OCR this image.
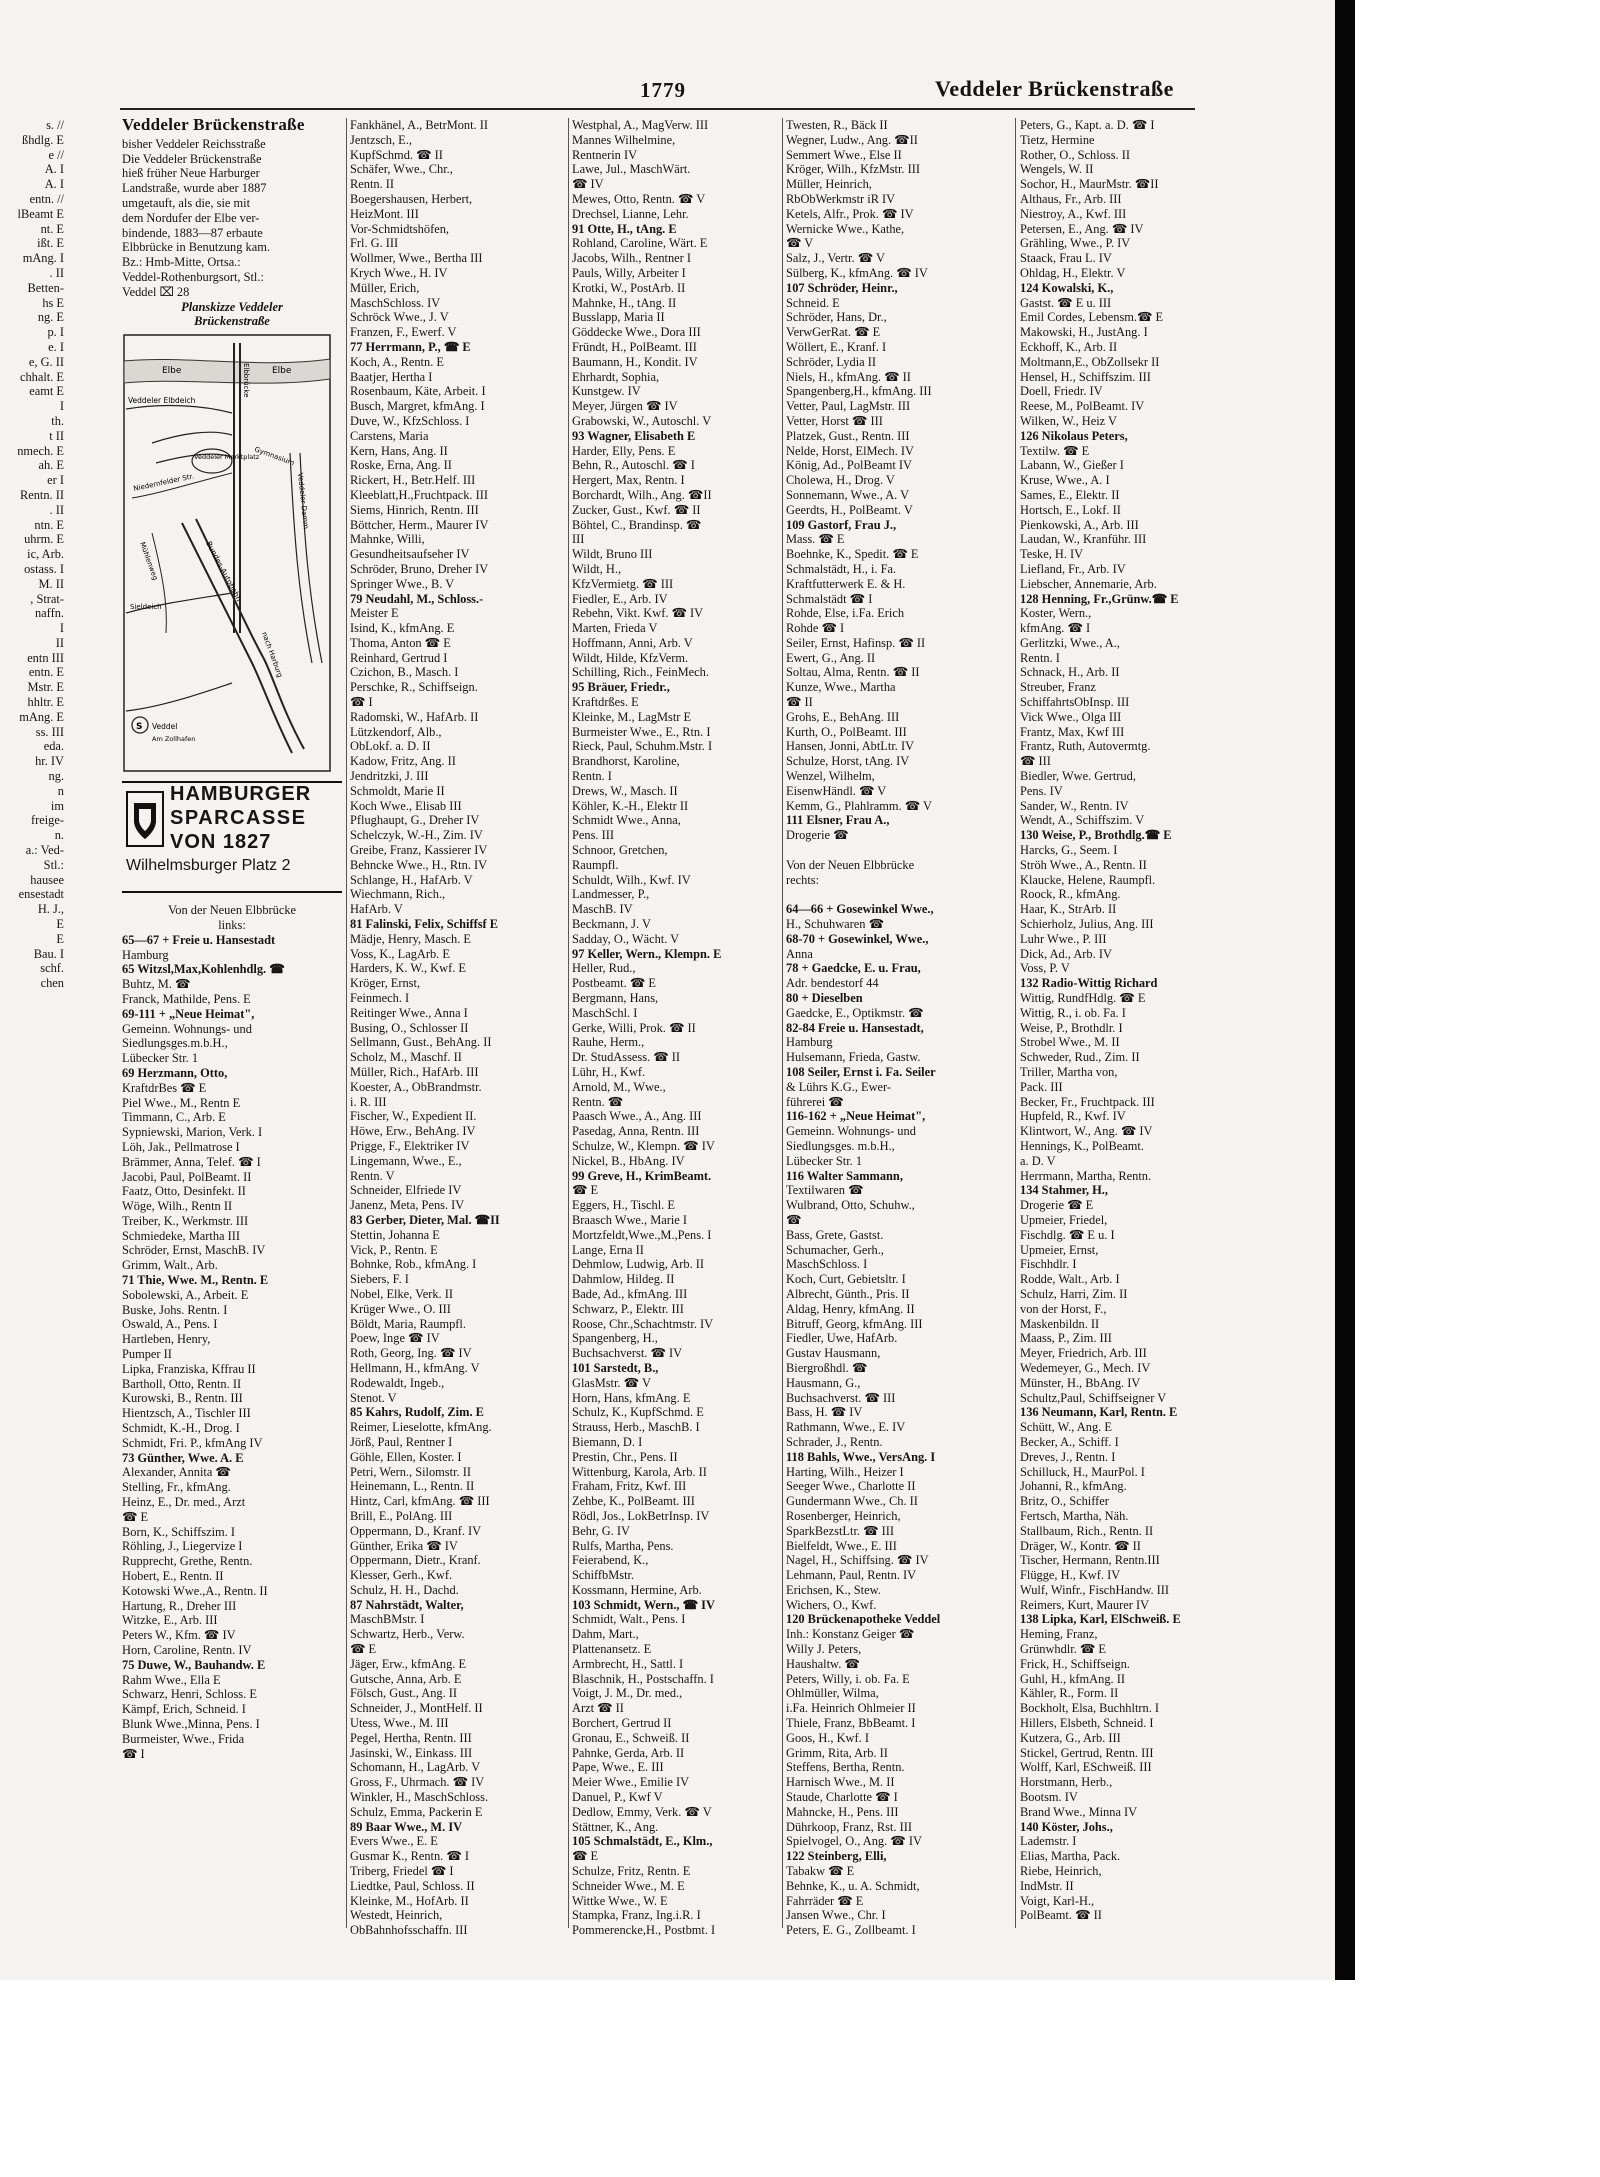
1779	Veddeler Brückenstraße
s. //
ßhdlg. E
e //
A. I
A. I
entn. //
lBeamt E
nt. E
ißt. E
mAng. I
. II
Betten-
hs E
ng. E
p. I
e. I
e, G. II
chhalt. E
eamt E
I
th.
t II
nmech. E
ah. E
er I
Rentn. II
. II
ntn. E
uhrm. E
ic, Arb.
ostass. I
M. II
, Strat-
naffn.
I
II
entn III
entn. E
Mstr. E
hhltr. E
mAng. E
ss. III
eda.
hr. IV
ng.
n
im
freige-
n.
a.: Ved-
Stl.:
hausee
ensestadt
H. J.,
E
E
Bau. I
schf.
chen
Veddeler Brückenstraße
bisher Veddeler Reichsstraße
Die Veddeler Brückenstraße
hieß früher Neue Harburger
Landstraße, wurde aber 1887
umgetauft, als die, sie mit
dem Nordufer der Elbe ver-
bindende, 1883—87 erbaute
Elbbrücke in Benutzung kam.
Bz.: Hmb-Mitte, Ortsa.:
Veddel-Rothenburgsort, Stl.:
Veddel ⌧ 28
Planskizze Veddeler
Brückenstraße
Elbe	Elbe
Elbbrücke
Veddeler Elbdeich
Veddeler Marktplatz
Gymnasium
Niedernfelder Str.
Bundes-Autobahn
Veddeler Damm
nach Harburg
Sieldeich
Mühlenweg
S Veddel
Am Zollhafen
HAMBURGER
SPARCASSE
VON 1827
Wilhelmsburger Platz 2
Von der Neuen Elbbrücke
links:
65—67 + Freie u. Hansestadt
Hamburg
65 Witzsl,Max,Kohlenhdlg. ☎
Buhtz, M. ☎
Franck, Mathilde, Pens. E
69-111 + „Neue Heimat",
Gemeinn. Wohnungs- und
Siedlungsges.m.b.H.,
Lübecker Str. 1
69 Herzmann, Otto,
KraftdrBes ☎ E
Piel Wwe., M., Rentn E
Timmann, C., Arb. E
Sypniewski, Marion, Verk. I
Löh, Jak., Pellmatrose I
Brämmer, Anna, Telef. ☎ I
Jacobi, Paul, PolBeamt. II
Faatz, Otto, Desinfekt. II
Wöge, Wilh., Rentn II
Treiber, K., Werkmstr. III
Schmiedeke, Martha III
Schröder, Ernst, MaschB. IV
Grimm, Walt., Arb.
71 Thie, Wwe. M., Rentn. E
Sobolewski, A., Arbeit. E
Buske, Johs. Rentn. I
Oswald, A., Pens. I
Hartleben, Henry,
Pumper II
Lipka, Franziska, Kffrau II
Bartholl, Otto, Rentn. II
Kurowski, B., Rentn. III
Hientzsch, A., Tischler III
Schmidt, K.-H., Drog. I
Schmidt, Fri. P., kfmAng IV
73 Günther, Wwe. A. E
Alexander, Annita ☎
Stelling, Fr., kfmAng.
Heinz, E., Dr. med., Arzt
☎ E
Born, K., Schiffszim. I
Röhling, J., Liegervize I
Rupprecht, Grethe, Rentn.
Hobert, E., Rentn. II
Kotowski Wwe.,A., Rentn. II
Hartung, R., Dreher III
Witzke, E., Arb. III
Peters W., Kfm. ☎ IV
Horn, Caroline, Rentn. IV
75 Duwe, W., Bauhandw. E
Rahm Wwe., Ella E
Schwarz, Henri, Schloss. E
Kämpf, Erich, Schneid. I
Blunk Wwe.,Minna, Pens. I
Burmeister, Wwe., Frida
☎ I
Fankhänel, A., BetrMont. II
Jentzsch, E.,
KupfSchmd. ☎ II
Schäfer, Wwe., Chr.,
Rentn. II
Boegershausen, Herbert,
HeizMont. III
Vor-Schmidtshöfen,
Frl. G. III
Wollmer, Wwe., Bertha III
Krych Wwe., H. IV
Müller, Erich,
MaschSchloss. IV
Schröck Wwe., J. V
Franzen, F., Ewerf. V
77 Herrmann, P., ☎ E
Koch, A., Rentn. E
Baatjer, Hertha I
Rosenbaum, Käte, Arbeit. I
Busch, Margret, kfmAng. I
Duve, W., KfzSchloss. I
Carstens, Maria
Kern, Hans, Ang. II
Roske, Erna, Ang. II
Rickert, H., Betr.Helf. III
Kleeblatt,H.,Fruchtpack. III
Siems, Hinrich, Rentn. III
Böttcher, Herm., Maurer IV
Mahnke, Willi,
Gesundheitsaufseher IV
Schröder, Bruno, Dreher IV
Springer Wwe., B. V
79 Neudahl, M., Schloss.-
Meister E
Isind, K., kfmAng. E
Thoma, Anton ☎ E
Reinhard, Gertrud I
Czichon, B., Masch. I
Perschke, R., Schiffseign.
☎ I
Radomski, W., HafArb. II
Lützkendorf, Alb.,
ObLokf. a. D. II
Kadow, Fritz, Ang. II
Jendritzki, J. III
Schmoldt, Marie II
Koch Wwe., Elisab III
Pflughaupt, G., Dreher IV
Schelczyk, W.-H., Zim. IV
Greibe, Franz, Kassierer IV
Behncke Wwe., H., Rtn. IV
Schlange, H., HafArb. V
Wiechmann, Rich.,
HafArb. V
81 Falinski, Felix, Schiffsf E
Mädje, Henry, Masch. E
Voss, K., LagArb. E
Harders, K. W., Kwf. E
Kröger, Ernst,
Feinmech. I
Reitinger Wwe., Anna I
Busing, O., Schlosser II
Sellmann, Gust., BehAng. II
Scholz, M., Maschf. II
Müller, Rich., HafArb. III
Koester, A., ObBrandmstr.
i. R. III
Fischer, W., Expedient II.
Höwe, Erw., BehAng. IV
Prigge, F., Elektriker IV
Lingemann, Wwe., E.,
Rentn. V
Schneider, Elfriede IV
Janenz, Meta, Pens. IV
83 Gerber, Dieter, Mal. ☎II
Stettin, Johanna E
Vick, P., Rentn. E
Bohnke, Rob., kfmAng. I
Siebers, F. I
Nobel, Elke, Verk. II
Krüger Wwe., O. III
Böldt, Maria, Raumpfl.
Poew, Inge ☎ IV
Roth, Georg, Ing. ☎ IV
Hellmann, H., kfmAng. V
Rodewaldt, Ingeb.,
Stenot. V
85 Kahrs, Rudolf, Zim. E
Reimer, Lieselotte, kfmAng.
Jörß, Paul, Rentner I
Göhle, Ellen, Koster. I
Petri, Wern., Silomstr. II
Heinemann, L., Rentn. II
Hintz, Carl, kfmAng. ☎ III
Brill, E., PolAng. III
Oppermann, D., Kranf. IV
Günther, Erika ☎ IV
Oppermann, Dietr., Kranf.
Klesser, Gerh., Kwf.
Schulz, H. H., Dachd.
87 Nahrstädt, Walter,
MaschBMstr. I
Schwartz, Herb., Verw.
☎ E
Jäger, Erw., kfmAng. E
Gutsche, Anna, Arb. E
Fölsch, Gust., Ang. II
Schneider, J., MontHelf. II
Utess, Wwe., M. III
Pegel, Hertha, Rentn. III
Jasinski, W., Einkass. III
Schomann, H., LagArb. V
Gross, F., Uhrmach. ☎ IV
Winkler, H., MaschSchloss.
Schulz, Emma, Packerin E
89 Baar Wwe., M. IV
Evers Wwe., E. E
Gusmar K., Rentn. ☎ I
Triberg, Friedel ☎ I
Liedtke, Paul, Schloss. II
Kleinke, M., HofArb. II
Westedt, Heinrich,
ObBahnhofsschaffn. III
Westphal, A., MagVerw. III
Mannes Wilhelmine,
Rentnerin IV
Lawe, Jul., MaschWärt.
☎ IV
Mewes, Otto, Rentn. ☎ V
Drechsel, Lianne, Lehr.
91 Otte, H., tAng. E
Rohland, Caroline, Wärt. E
Jacobs, Wilh., Rentner I
Pauls, Willy, Arbeiter I
Krotki, W., PostArb. II
Mahnke, H., tAng. II
Busslapp, Maria II
Göddecke Wwe., Dora III
Fründt, H., PolBeamt. III
Baumann, H., Kondit. IV
Ehrhardt, Sophia,
Kunstgew. IV
Meyer, Jürgen ☎ IV
Grabowski, W., Autoschl. V
93 Wagner, Elisabeth E
Harder, Elly, Pens. E
Behn, R., Autoschl. ☎ I
Hergert, Max, Rentn. I
Borchardt, Wilh., Ang. ☎II
Zucker, Gust., Kwf. ☎ II
Böhtel, C., Brandinsp. ☎
III
Wildt, Bruno III
Wildt, H.,
KfzVermietg. ☎ III
Fiedler, E., Arb. IV
Rebehn, Vikt. Kwf. ☎ IV
Marten, Frieda V
Hoffmann, Anni, Arb. V
Wildt, Hilde, KfzVerm.
Schilling, Rich., FeinMech.
95 Bräuer, Friedr.,
Kraftdrßes. E
Kleinke, M., LagMstr E
Burmeister Wwe., E., Rtn. I
Rieck, Paul, Schuhm.Mstr. I
Brandhorst, Karoline,
Rentn. I
Drews, W., Masch. II
Köhler, K.-H., Elektr II
Schmidt Wwe., Anna,
Pens. III
Schnoor, Gretchen,
Raumpfl.
Schuldt, Wilh., Kwf. IV
Landmesser, P.,
MaschB. IV
Beckmann, J. V
Sadday, O., Wächt. V
97 Keller, Wern., Klempn. E
Heller, Rud.,
Postbeamt. ☎ E
Bergmann, Hans,
MaschSchl. I
Gerke, Willi, Prok. ☎ II
Rauhe, Herm.,
Dr. StudAssess. ☎ II
Lühr, H., Kwf.
Arnold, M., Wwe.,
Rentn. ☎
Paasch Wwe., A., Ang. III
Pasedag, Anna, Rentn. III
Schulze, W., Klempn. ☎ IV
Nickel, B., HbAng. IV
99 Greve, H., KrimBeamt.
☎ E
Eggers, H., Tischl. E
Braasch Wwe., Marie I
Mortzfeldt,Wwe.,M.,Pens. I
Lange, Erna II
Dehmlow, Ludwig, Arb. II
Dahmlow, Hildeg. II
Bade, Ad., kfmAng. III
Schwarz, P., Elektr. III
Roose, Chr.,Schachtmstr. IV
Spangenberg, H.,
Buchsachverst. ☎ IV
101 Sarstedt, B.,
GlasMstr. ☎ V
Horn, Hans, kfmAng. E
Schulz, K., KupfSchmd. E
Strauss, Herb., MaschB. I
Biemann, D. I
Prestin, Chr., Pens. II
Wittenburg, Karola, Arb. II
Fraham, Fritz, Kwf. III
Zehbe, K., PolBeamt. III
Rödl, Jos., LokBetrInsp. IV
Behr, G. IV
Rulfs, Martha, Pens.
Feierabend, K.,
SchiffbMstr.
Kossmann, Hermine, Arb.
103 Schmidt, Wern., ☎ IV
Schmidt, Walt., Pens. I
Dahm, Mart.,
Plattenansetz. E
Armbrecht, H., Sattl. I
Blaschnik, H., Postschaffn. I
Voigt, J. M., Dr. med.,
Arzt ☎ II
Borchert, Gertrud II
Gronau, E., Schweiß. II
Pahnke, Gerda, Arb. II
Pape, Wwe., E. III
Meier Wwe., Emilie IV
Danuel, P., Kwf V
Dedlow, Emmy, Verk. ☎ V
Stättner, K., Ang.
105 Schmalstädt, E., Klm.,
☎ E
Schulze, Fritz, Rentn. E
Schneider Wwe., M. E
Wittke Wwe., W. E
Stampka, Franz, Ing.i.R. I
Pommerencke,H., Postbmt. I
Twesten, R., Bäck II
Wegner, Ludw., Ang. ☎II
Semmert Wwe., Else II
Kröger, Wilh., KfzMstr. III
Müller, Heinrich,
RbObWerkmstr iR IV
Ketels, Alfr., Prok. ☎ IV
Wernicke Wwe., Kathe,
☎ V
Salz, J., Vertr. ☎ V
Sülberg, K., kfmAng. ☎ IV
107 Schröder, Heinr.,
Schneid. E
Schröder, Hans, Dr.,
VerwGerRat. ☎ E
Wöllert, E., Kranf. I
Schröder, Lydia II
Niels, H., kfmAng. ☎ II
Spangenberg,H., kfmAng. III
Vetter, Paul, LagMstr. III
Vetter, Horst ☎ III
Platzek, Gust., Rentn. III
Nelde, Horst, ElMech. IV
König, Ad., PolBeamt IV
Cholewa, H., Drog. V
Sonnemann, Wwe., A. V
Geerdts, H., PolBeamt. V
109 Gastorf, Frau J.,
Mass. ☎ E
Boehnke, K., Spedit. ☎ E
Schmalstädt, H., i. Fa.
Kraftfutterwerk E. & H.
Schmalstädt ☎ I
Rohde, Else, i.Fa. Erich
Rohde ☎ I
Seiler, Ernst, Hafinsp. ☎ II
Ewert, G., Ang. II
Soltau, Alma, Rentn. ☎ II
Kunze, Wwe., Martha
☎ II
Grohs, E., BehAng. III
Kurth, O., PolBeamt. III
Hansen, Jonni, AbtLtr. IV
Schulze, Horst, tAng. IV
Wenzel, Wilhelm,
EisenwHändl. ☎ V
Kemm, G., Plahlramm. ☎ V
111 Elsner, Frau A.,
Drogerie ☎
Von der Neuen Elbbrücke
rechts:
64—66 + Gosewinkel Wwe.,
H., Schuhwaren ☎
68-70 + Gosewinkel, Wwe.,
Anna
78 + Gaedcke, E. u. Frau,
Adr. bendestorf 44
80 + Dieselben
Gaedcke, E., Optikmstr. ☎
82-84 Freie u. Hansestadt,
Hamburg
Hulsemann, Frieda, Gastw.
108 Seiler, Ernst i. Fa. Seiler
& Lührs K.G., Ewer-
führerei ☎
116-162 + „Neue Heimat",
Gemeinn. Wohnungs- und
Siedlungsges. m.b.H.,
Lübecker Str. 1
116 Walter Sammann,
Textilwaren ☎
Wulbrand, Otto, Schuhw.,
☎
Bass, Grete, Gastst.
Schumacher, Gerh.,
MaschSchloss. I
Koch, Curt, Gebietsltr. I
Albrecht, Günth., Pris. II
Aldag, Henry, kfmAng. II
Bitruff, Georg, kfmAng. III
Fiedler, Uwe, HafArb.
Gustav Hausmann,
Biergroßhdl. ☎
Hausmann, G.,
Buchsachverst. ☎ III
Bass, H. ☎ IV
Rathmann, Wwe., E. IV
Schrader, J., Rentn.
118 Bahls, Wwe., VersAng. I
Harting, Wilh., Heizer I
Seeger Wwe., Charlotte II
Gundermann Wwe., Ch. II
Rosenberger, Heinrich,
SparkBezstLtr. ☎ III
Bielfeldt, Wwe., E. III
Nagel, H., Schiffsing. ☎ IV
Lehmann, Paul, Rentn. IV
Erichsen, K., Stew.
Wichers, O., Kwf.
120 Brückenapotheke Veddel
Inh.: Konstanz Geiger ☎
Willy J. Peters,
Haushaltw. ☎
Peters, Willy, i. ob. Fa. E
Ohlmüller, Wilma,
i.Fa. Heinrich Ohlmeier II
Thiele, Franz, BbBeamt. I
Goos, H., Kwf. I
Grimm, Rita, Arb. II
Steffens, Bertha, Rentn.
Harnisch Wwe., M. II
Staude, Charlotte ☎ I
Mahncke, H., Pens. III
Dührkoop, Franz, Rst. III
Spielvogel, O., Ang. ☎ IV
122 Steinberg, Elli,
Tabakw ☎ E
Behnke, K., u. A. Schmidt,
Fahrräder ☎ E
Jansen Wwe., Chr. I
Peters, E. G., Zollbeamt. I
Peters, G., Kapt. a. D. ☎ I
Tietz, Hermine
Rother, O., Schloss. II
Wengels, W. II
Sochor, H., MaurMstr. ☎II
Althaus, Fr., Arb. III
Niestroy, A., Kwf. III
Petersen, E., Ang. ☎ IV
Grähling, Wwe., P. IV
Staack, Frau L. IV
Ohldag, H., Elektr. V
124 Kowalski, K.,
Gastst. ☎ E u. III
Emil Cordes, Lebensm.☎ E
Makowski, H., JustAng. I
Eckhoff, K., Arb. II
Moltmann,E., ObZollsekr II
Hensel, H., Schiffszim. III
Doell, Friedr. IV
Reese, M., PolBeamt. IV
Wilken, W., Heiz V
126 Nikolaus Peters,
Textilw. ☎ E
Labann, W., Gießer I
Kruse, Wwe., A. I
Sames, E., Elektr. II
Hortsch, E., Lokf. II
Pienkowski, A., Arb. III
Laudan, W., Kranführ. III
Teske, H. IV
Liefland, Fr., Arb. IV
Liebscher, Annemarie, Arb.
128 Henning, Fr.,Grünw.☎ E
Koster, Wern.,
kfmAng. ☎ I
Gerlitzki, Wwe., A.,
Rentn. I
Schnack, H., Arb. II
Streuber, Franz
SchiffahrtsObInsp. III
Vick Wwe., Olga III
Frantz, Max, Kwf III
Frantz, Ruth, Autovermtg.
☎ III
Biedler, Wwe. Gertrud,
Pens. IV
Sander, W., Rentn. IV
Wendt, A., Schiffszim. V
130 Weise, P., Brothdlg.☎ E
Harcks, G., Seem. I
Ströh Wwe., A., Rentn. II
Klaucke, Helene, Raumpfl.
Roock, R., kfmAng.
Haar, K., StrArb. II
Schierholz, Julius, Ang. III
Luhr Wwe., P. III
Dick, Ad., Arb. IV
Voss, P. V
132 Radio-Wittig Richard
Wittig, RundfHdlg. ☎ E
Wittig, R., i. ob. Fa. I
Weise, P., Brothdlr. I
Strobel Wwe., M. II
Schweder, Rud., Zim. II
Triller, Martha von,
Pack. III
Becker, Fr., Fruchtpack. III
Hupfeld, R., Kwf. IV
Klintwort, W., Ang. ☎ IV
Hennings, K., PolBeamt.
a. D. V
Herrmann, Martha, Rentn.
134 Stahmer, H.,
Drogerie ☎ E
Upmeier, Friedel,
Fischdlg. ☎ E u. I
Upmeier, Ernst,
Fischhdlr. I
Rodde, Walt., Arb. I
Schulz, Harri, Zim. II
von der Horst, F.,
Maskenbildn. II
Maass, P., Zim. III
Meyer, Friedrich, Arb. III
Wedemeyer, G., Mech. IV
Münster, H., BbAng. IV
Schultz,Paul, Schiffseigner V
136 Neumann, Karl, Rentn. E
Schütt, W., Ang. E
Becker, A., Schiff. I
Dreves, J., Rentn. I
Schilluck, H., MaurPol. I
Johanni, R., kfmAng.
Britz, O., Schiffer
Fertsch, Martha, Näh.
Stallbaum, Rich., Rentn. II
Dräger, W., Kontr. ☎ II
Tischer, Hermann, Rentn.III
Flügge, H., Kwf. IV
Wulf, Winfr., FischHandw. III
Reimers, Kurt, Maurer IV
138 Lipka, Karl, ElSchweiß. E
Heming, Franz,
Grünwhdlr. ☎ E
Frick, H., Schiffseign.
Guhl, H., kfmAng. II
Kähler, R., Form. II
Bockholt, Elsa, Buchhltrn. I
Hillers, Elsbeth, Schneid. I
Kutzera, G., Arb. III
Stickel, Gertrud, Rentn. III
Wolff, Karl, ESchweiß. III
Horstmann, Herb.,
Bootsm. IV
Brand Wwe., Minna IV
140 Köster, Johs.,
Lademstr. I
Elias, Martha, Pack.
Riebe, Heinrich,
IndMstr. II
Voigt, Karl-H.,
PolBeamt. ☎ II
